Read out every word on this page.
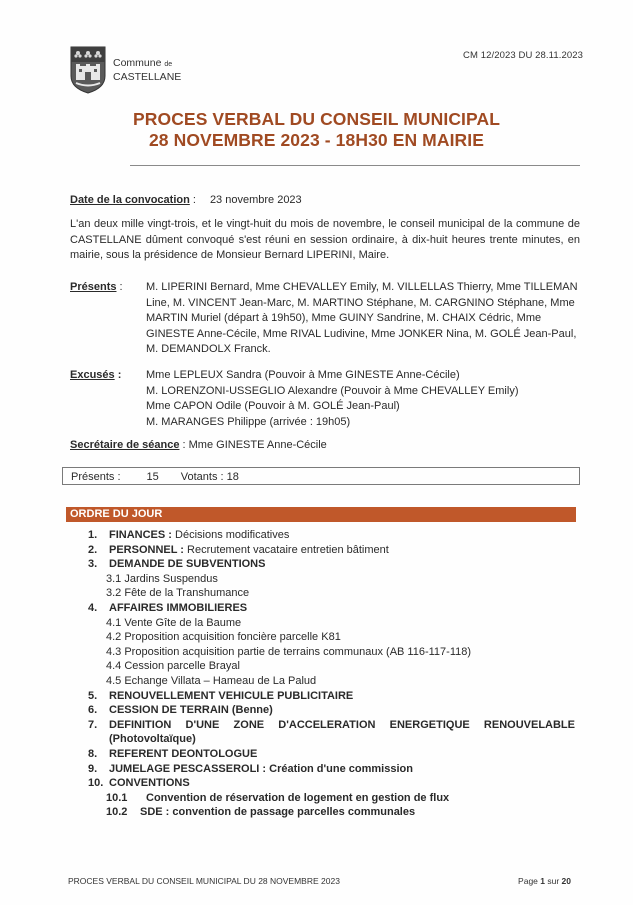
Commune de
CASTELLANE
CM 12/2023 DU 28.11.2023
PROCES VERBAL DU CONSEIL MUNICIPAL
28 NOVEMBRE 2023 - 18H30 EN MAIRIE
Date de la convocation : 23 novembre 2023
L'an deux mille vingt-trois, et le vingt-huit du mois de novembre, le conseil municipal de la commune de CASTELLANE dûment convoqué s'est réuni en session ordinaire, à dix-huit heures trente minutes, en mairie, sous la présidence de Monsieur Bernard LIPERINI, Maire.
Présents :	M. LIPERINI Bernard, Mme CHEVALLEY Emily, M. VILLELLAS Thierry, Mme TILLEMAN Line, M. VINCENT Jean-Marc, M. MARTINO Stéphane, M. CARGNINO Stéphane, Mme MARTIN Muriel (départ à 19h50), Mme GUINY Sandrine, M. CHAIX Cédric, Mme GINESTE Anne-Cécile, Mme RIVAL Ludivine, Mme JONKER Nina, M. GOLÉ Jean-Paul, M. DEMANDOLX Franck.
Excusés :	Mme LEPLEUX Sandra (Pouvoir à Mme GINESTE Anne-Cécile)
M. LORENZONI-USSEGLIO Alexandre (Pouvoir à Mme CHEVALLEY Emily)
Mme CAPON Odile (Pouvoir à M. GOLÉ Jean-Paul)
M. MARANGES Philippe (arrivée : 19h05)
Secrétaire de séance : Mme GINESTE Anne-Cécile
Présents : 15 Votants : 18
ORDRE DU JOUR
1.	FINANCES : Décisions modificatives
2.	PERSONNEL : Recrutement vacataire entretien bâtiment
3.	DEMANDE DE SUBVENTIONS
3.1 Jardins Suspendus
3.2 Fête de la Transhumance
4.	AFFAIRES IMMOBILIERES
4.1 Vente Gîte de la Baume
4.2 Proposition acquisition foncière parcelle K81
4.3 Proposition acquisition partie de terrains communaux (AB 116-117-118)
4.4 Cession parcelle Brayal
4.5 Echange Villata – Hameau de La Palud
5.	RENOUVELLEMENT VEHICULE PUBLICITAIRE
6.	CESSION DE TERRAIN (Benne)
7.	DEFINITION D'UNE ZONE D'ACCELERATION ENERGETIQUE RENOUVELABLE
(Photovoltaïque)
8.	REFERENT DEONTOLOGUE
9.	JUMELAGE PESCASSEROLI : Création d'une commission
10. CONVENTIONS
10.1	Convention de réservation de logement en gestion de flux
10.2	SDE : convention de passage parcelles communales
PROCES VERBAL DU CONSEIL MUNICIPAL DU 28 NOVEMBRE 2023	Page 1 sur 20
